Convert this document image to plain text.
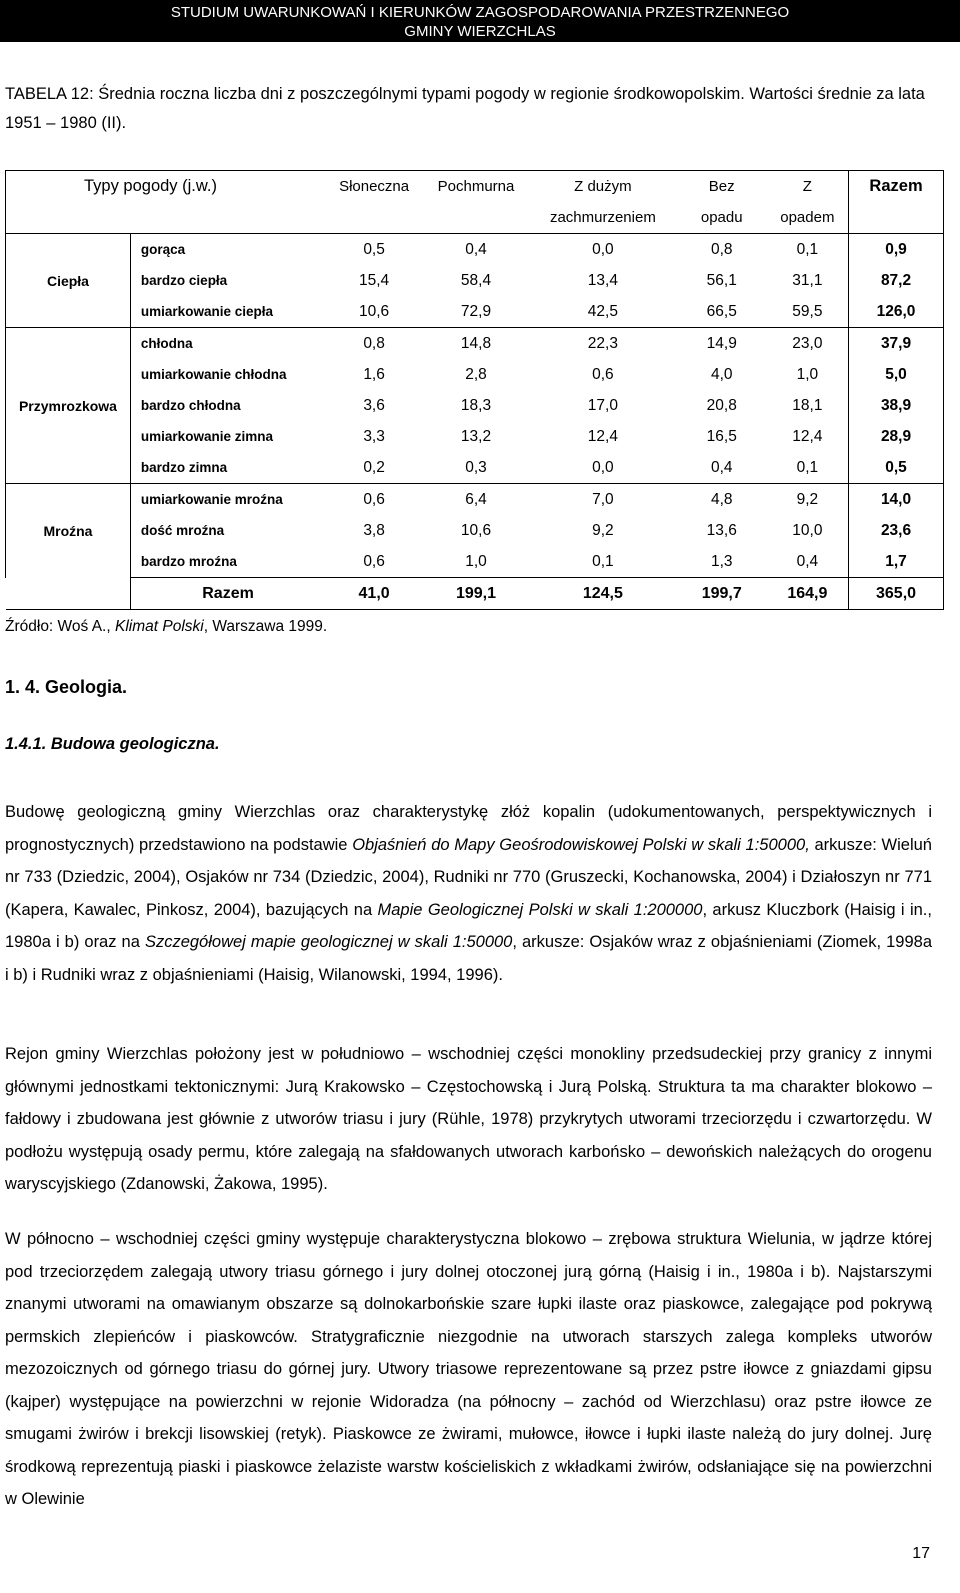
STUDIUM UWARUNKOWAŃ I KIERUNKÓW ZAGOSPODAROWANIA PRZESTRZENNEGO
GMINY WIERZCHLAS
TABELA 12: Średnia roczna liczba dni z poszczególnymi typami pogody w regionie środkowopolskim. Wartości średnie za lata 1951 – 1980 (II).
Typy pogody (j.w.)		Słoneczna	Pochmurna	Z dużym	Bez	Z	Razem
				zachmurzeniem	opadu	opadem	
Ciepła	gorąca	0,5	0,4	0,0	0,8	0,1	0,9
	bardzo ciepła	15,4	58,4	13,4	56,1	31,1	87,2
	umiarkowanie ciepła	10,6	72,9	42,5	66,5	59,5	126,0
Przymrozkowa	chłodna	0,8	14,8	22,3	14,9	23,0	37,9
	umiarkowanie chłodna	1,6	2,8	0,6	4,0	1,0	5,0
	bardzo chłodna	3,6	18,3	17,0	20,8	18,1	38,9
	umiarkowanie zimna	3,3	13,2	12,4	16,5	12,4	28,9
	bardzo zimna	0,2	0,3	0,0	0,4	0,1	0,5
Mroźna	umiarkowanie mroźna	0,6	6,4	7,0	4,8	9,2	14,0
	dość mroźna	3,8	10,6	9,2	13,6	10,0	23,6
	bardzo mroźna	0,6	1,0	0,1	1,3	0,4	1,7
	Razem	41,0	199,1	124,5	199,7	164,9	365,0
Źródło: Woś A., Klimat Polski, Warszawa 1999.
1. 4. Geologia.
1.4.1. Budowa geologiczna.
Budowę geologiczną gminy Wierzchlas oraz charakterystykę złóż kopalin (udokumentowanych, perspektywicznych i prognostycznych) przedstawiono na podstawie Objaśnień do Mapy Geośrodowiskowej Polski w skali 1:50000, arkusze: Wieluń nr 733 (Dziedzic, 2004), Osjaków nr 734 (Dziedzic, 2004), Rudniki nr 770 (Gruszecki, Kochanowska, 2004) i Działoszyn nr 771 (Kapera, Kawalec, Pinkosz, 2004), bazujących na Mapie Geologicznej Polski w skali 1:200000, arkusz Kluczbork (Haisig i in., 1980a i b) oraz na Szczegółowej mapie geologicznej w skali 1:50000, arkusze: Osjaków wraz z objaśnieniami (Ziomek, 1998a i b) i Rudniki wraz z objaśnieniami (Haisig, Wilanowski, 1994, 1996).
Rejon gminy Wierzchlas położony jest w południowo – wschodniej części monokliny przedsudeckiej przy granicy z innymi głównymi jednostkami tektonicznymi: Jurą Krakowsko – Częstochowską i Jurą Polską. Struktura ta ma charakter blokowo – fałdowy i zbudowana jest głównie z utworów triasu i jury (Rühle, 1978) przykrytych utworami trzeciorzędu i czwartorzędu. W podłożu występują osady permu, które zalegają na sfałdowanych utworach karbońsko – dewońskich należących do orogenu waryscyjskiego (Zdanowski, Żakowa, 1995).
W północno – wschodniej części gminy występuje charakterystyczna blokowo – zrębowa struktura Wielunia, w jądrze której pod trzeciorzędem zalegają utwory triasu górnego i jury dolnej otoczonej jurą górną (Haisig i in., 1980a i b). Najstarszymi znanymi utworami na omawianym obszarze są dolnokarbońskie szare łupki ilaste oraz piaskowce, zalegające pod pokrywą permskich zlepieńców i piaskowców. Stratygraficznie niezgodnie na utworach starszych zalega kompleks utworów mezozoicznych od górnego triasu do górnej jury. Utwory triasowe reprezentowane są przez pstre iłowce z gniazdami gipsu (kajper) występujące na powierzchni w rejonie Widoradza (na północny – zachód od Wierzchlasu) oraz pstre iłowce ze smugami żwirów i brekcji lisowskiej (retyk). Piaskowce ze żwirami, mułowce, iłowce i łupki ilaste należą do jury dolnej. Jurę środkową reprezentują piaski i piaskowce żelaziste warstw kościeliskich z wkładkami żwirów, odsłaniające się na powierzchni w Olewinie
17
